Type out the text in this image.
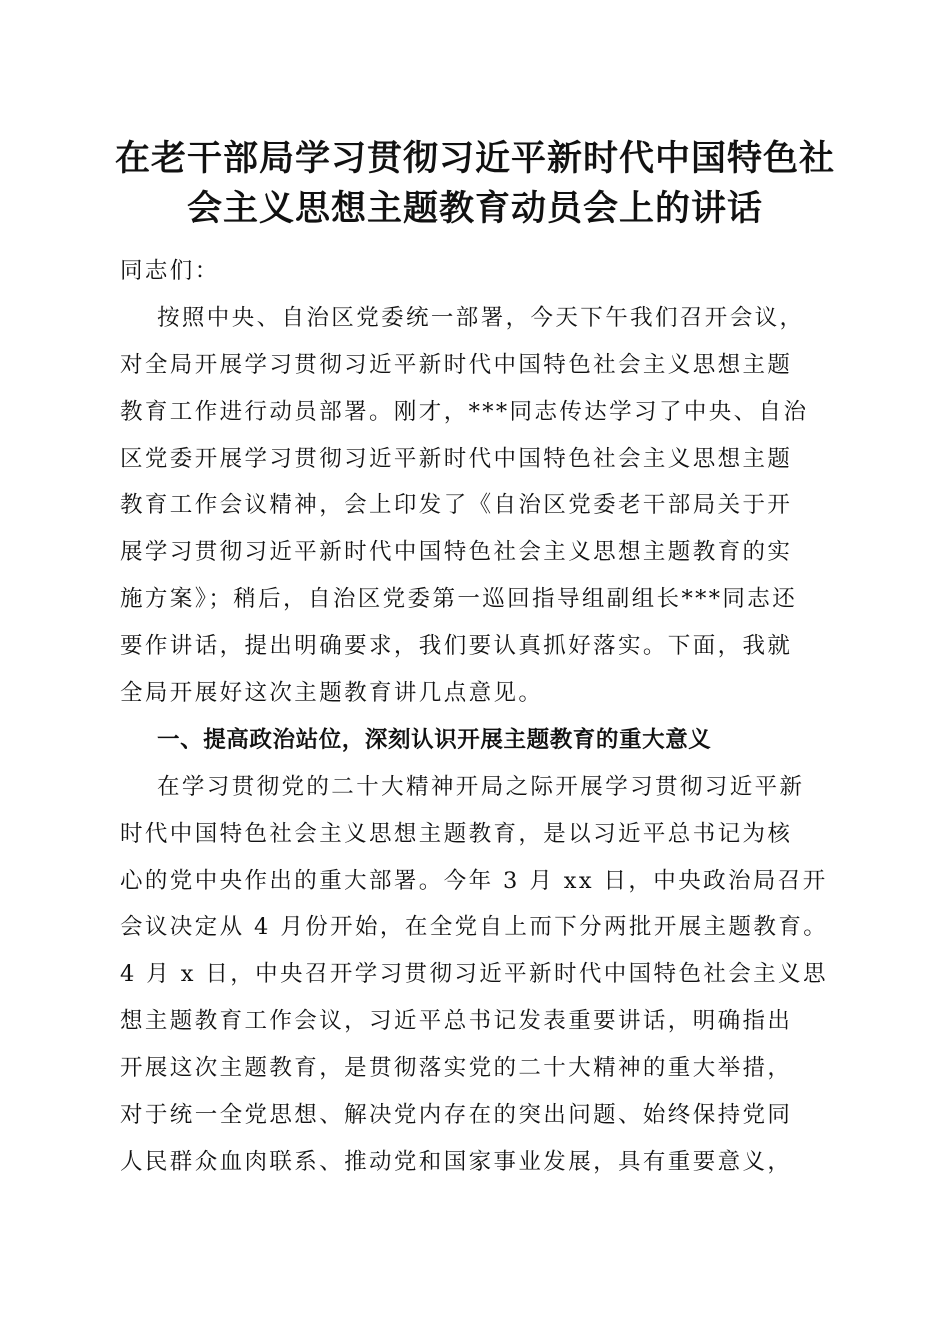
在老干部局学习贯彻习近平新时代中国特色社
会主义思想主题教育动员会上的讲话
同志们：
按照中央、自治区党委统一部署，今天下午我们召开会议，
对全局开展学习贯彻习近平新时代中国特色社会主义思想主题
教育工作进行动员部署。刚才，***同志传达学习了中央、自治
区党委开展学习贯彻习近平新时代中国特色社会主义思想主题
教育工作会议精神，会上印发了《自治区党委老干部局关于开
展学习贯彻习近平新时代中国特色社会主义思想主题教育的实
施方案》；稍后，自治区党委第一巡回指导组副组长***同志还
要作讲话，提出明确要求，我们要认真抓好落实。下面，我就
全局开展好这次主题教育讲几点意见。
一、提高政治站位，深刻认识开展主题教育的重大意义
在学习贯彻党的二十大精神开局之际开展学习贯彻习近平新
时代中国特色社会主义思想主题教育，是以习近平总书记为核
心的党中央作出的重大部署。今年 3 月 xx 日，中央政治局召开
会议决定从 4 月份开始，在全党自上而下分两批开展主题教育。
4 月 x 日，中央召开学习贯彻习近平新时代中国特色社会主义思
想主题教育工作会议，习近平总书记发表重要讲话，明确指出
开展这次主题教育，是贯彻落实党的二十大精神的重大举措，
对于统一全党思想、解决党内存在的突出问题、始终保持党同
人民群众血肉联系、推动党和国家事业发展，具有重要意义，
